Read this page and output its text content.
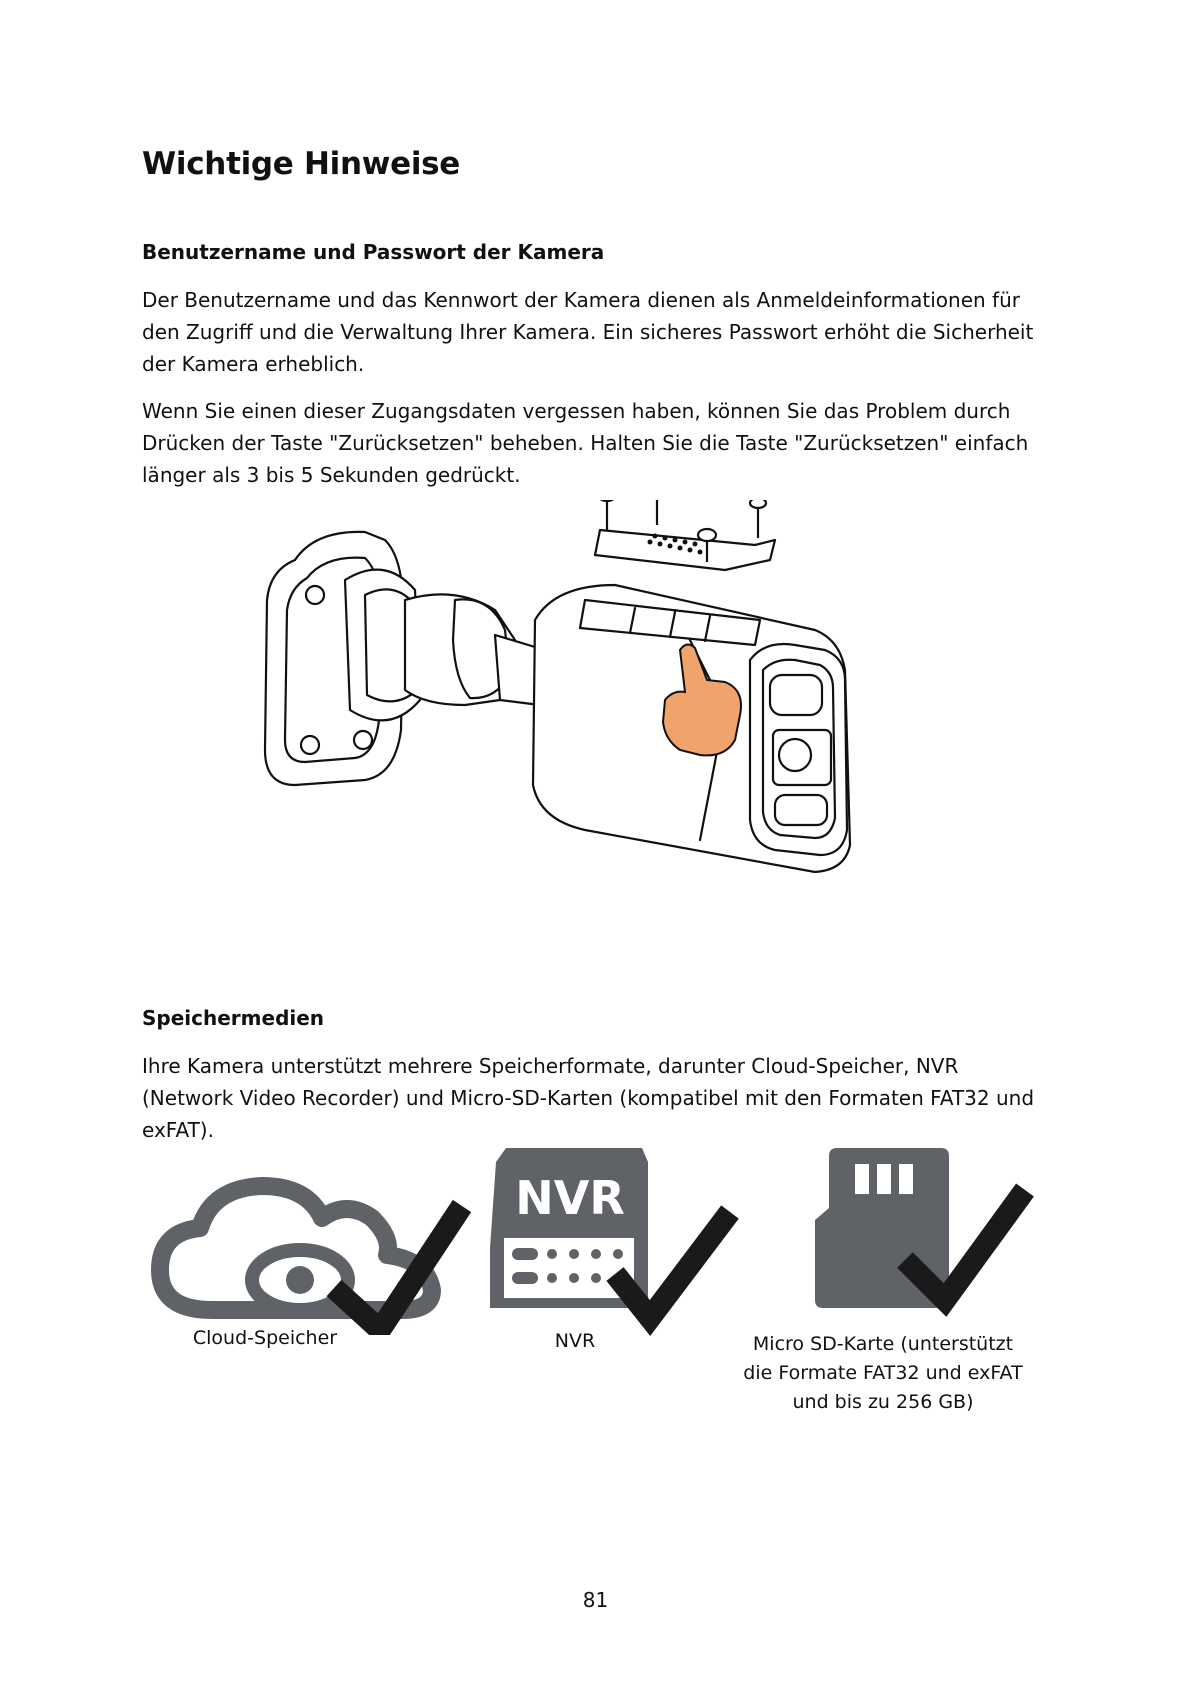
Wichtige Hinweise
Benutzername und Passwort der Kamera

Der Benutzername und das Kennwort der Kamera dienen als Anmeldeinformationen für den Zugriff und die Verwaltung Ihrer Kamera. Ein sicheres Passwort erhöht die Sicherheit der Kamera erheblich.

Wenn Sie einen dieser Zugangsdaten vergessen haben, können Sie das Problem durch Drücken der Taste "Zurücksetzen" beheben. Halten Sie die Taste "Zurücksetzen" einfach länger als 3 bis 5 Sekunden gedrückt.

Speichermedien

Ihre Kamera unterstützt mehrere Speicherformate, darunter Cloud-Speicher, NVR (Network Video Recorder) und Micro-SD-Karten (kompatibel mit den Formaten FAT32 und exFAT).

NVR

Cloud-Speicher	NVR	Micro SD-Karte (unterstützt die Formate FAT32 und exFAT und bis zu 256 GB)

81
